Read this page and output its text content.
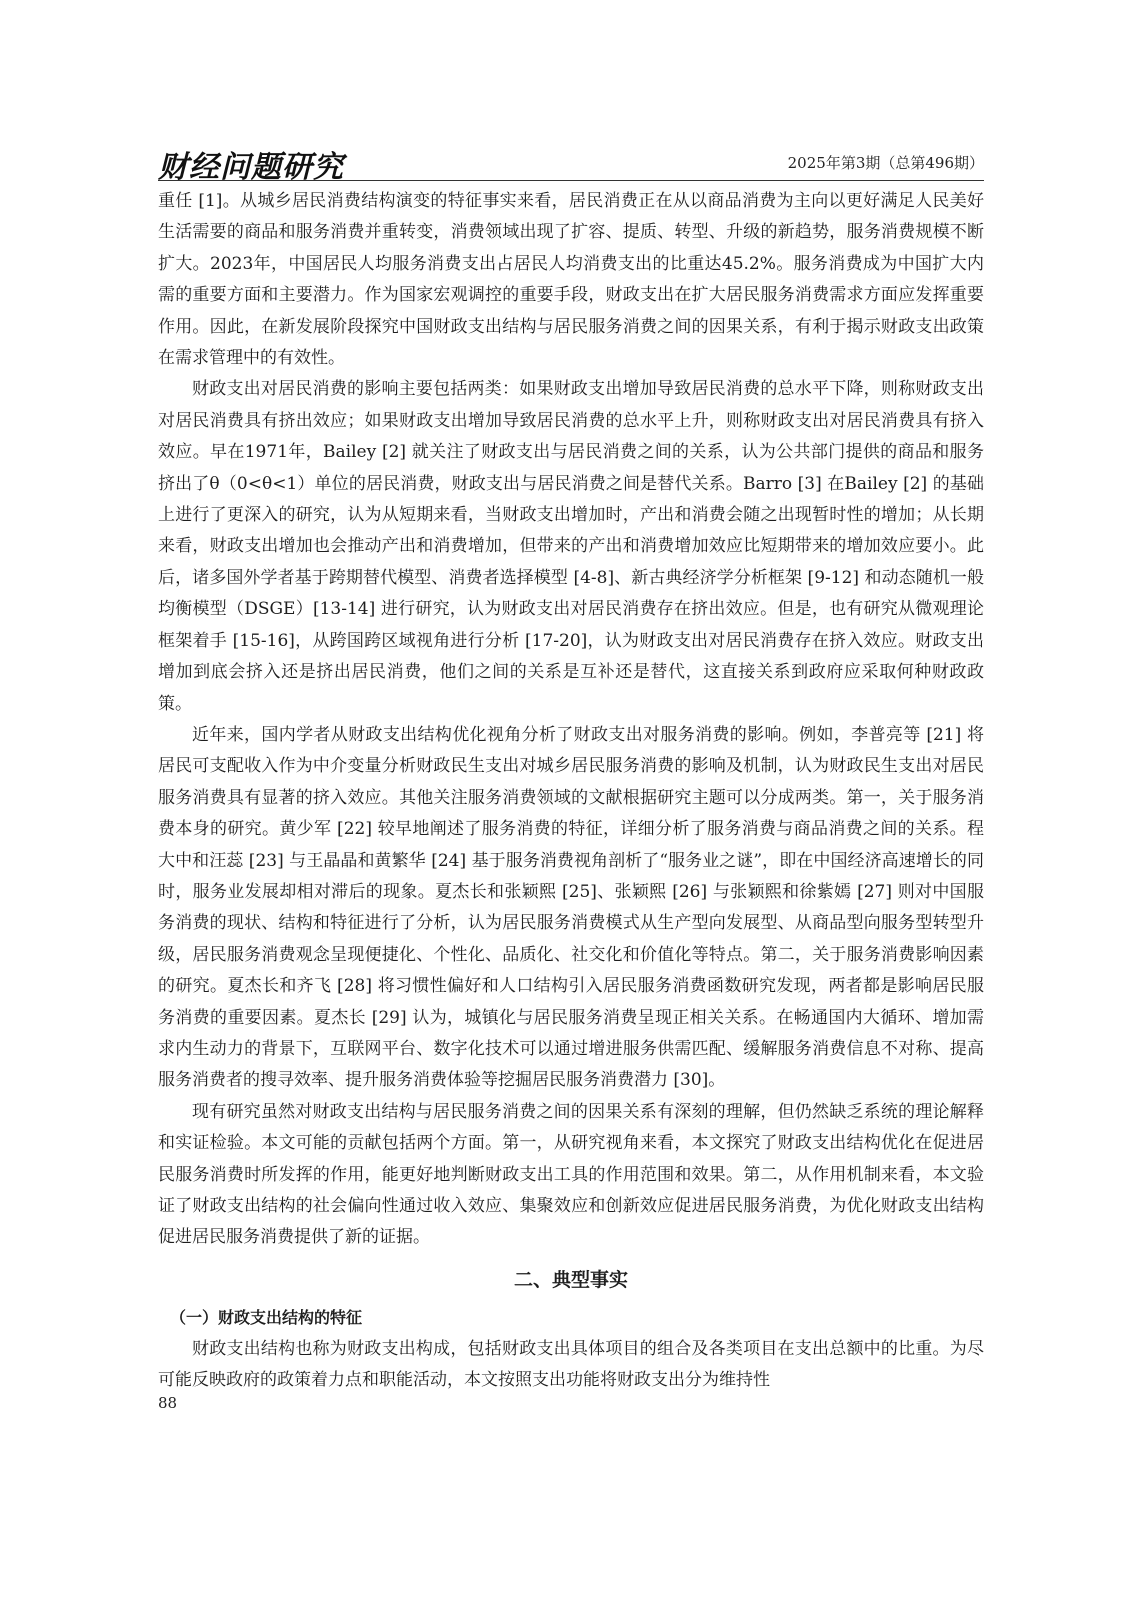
财经问题研究	2025年第3期（总第496期）

重任 [1]。从城乡居民消费结构演变的特征事实来看，居民消费正在从以商品消费为主向以更好满足人民美好生活需要的商品和服务消费并重转变，消费领域出现了扩容、提质、转型、升级的新趋势，服务消费规模不断扩大。2023年，中国居民人均服务消费支出占居民人均消费支出的比重达45.2%。服务消费成为中国扩大内需的重要方面和主要潜力。作为国家宏观调控的重要手段，财政支出在扩大居民服务消费需求方面应发挥重要作用。因此，在新发展阶段探究中国财政支出结构与居民服务消费之间的因果关系，有利于揭示财政支出政策在需求管理中的有效性。

财政支出对居民消费的影响主要包括两类：如果财政支出增加导致居民消费的总水平下降，则称财政支出对居民消费具有挤出效应；如果财政支出增加导致居民消费的总水平上升，则称财政支出对居民消费具有挤入效应。早在1971年，Bailey [2] 就关注了财政支出与居民消费之间的关系，认为公共部门提供的商品和服务挤出了θ（0<θ<1）单位的居民消费，财政支出与居民消费之间是替代关系。Barro [3] 在Bailey [2] 的基础上进行了更深入的研究，认为从短期来看，当财政支出增加时，产出和消费会随之出现暂时性的增加；从长期来看，财政支出增加也会推动产出和消费增加，但带来的产出和消费增加效应比短期带来的增加效应要小。此后，诸多国外学者基于跨期替代模型、消费者选择模型 [4-8]、新古典经济学分析框架 [9-12] 和动态随机一般均衡模型（DSGE）[13-14] 进行研究，认为财政支出对居民消费存在挤出效应。但是，也有研究从微观理论框架着手 [15-16]，从跨国跨区域视角进行分析 [17-20]，认为财政支出对居民消费存在挤入效应。财政支出增加到底会挤入还是挤出居民消费，他们之间的关系是互补还是替代，这直接关系到政府应采取何种财政政策。

近年来，国内学者从财政支出结构优化视角分析了财政支出对服务消费的影响。例如，李普亮等 [21] 将居民可支配收入作为中介变量分析财政民生支出对城乡居民服务消费的影响及机制，认为财政民生支出对居民服务消费具有显著的挤入效应。其他关注服务消费领域的文献根据研究主题可以分成两类。第一，关于服务消费本身的研究。黄少军 [22] 较早地阐述了服务消费的特征，详细分析了服务消费与商品消费之间的关系。程大中和汪蕊 [23] 与王晶晶和黄繁华 [24] 基于服务消费视角剖析了“服务业之谜”，即在中国经济高速增长的同时，服务业发展却相对滞后的现象。夏杰长和张颖熙 [25]、张颖熙 [26] 与张颖熙和徐紫嫣 [27] 则对中国服务消费的现状、结构和特征进行了分析，认为居民服务消费模式从生产型向发展型、从商品型向服务型转型升级，居民服务消费观念呈现便捷化、个性化、品质化、社交化和价值化等特点。第二，关于服务消费影响因素的研究。夏杰长和齐飞 [28] 将习惯性偏好和人口结构引入居民服务消费函数研究发现，两者都是影响居民服务消费的重要因素。夏杰长 [29] 认为，城镇化与居民服务消费呈现正相关关系。在畅通国内大循环、增加需求内生动力的背景下，互联网平台、数字化技术可以通过增进服务供需匹配、缓解服务消费信息不对称、提高服务消费者的搜寻效率、提升服务消费体验等挖掘居民服务消费潜力 [30]。

现有研究虽然对财政支出结构与居民服务消费之间的因果关系有深刻的理解，但仍然缺乏系统的理论解释和实证检验。本文可能的贡献包括两个方面。第一，从研究视角来看，本文探究了财政支出结构优化在促进居民服务消费时所发挥的作用，能更好地判断财政支出工具的作用范围和效果。第二，从作用机制来看，本文验证了财政支出结构的社会偏向性通过收入效应、集聚效应和创新效应促进居民服务消费，为优化财政支出结构促进居民服务消费提供了新的证据。

二、典型事实
（一）财政支出结构的特征

财政支出结构也称为财政支出构成，包括财政支出具体项目的组合及各类项目在支出总额中的比重。为尽可能反映政府的政策着力点和职能活动，本文按照支出功能将财政支出分为维持性

88
